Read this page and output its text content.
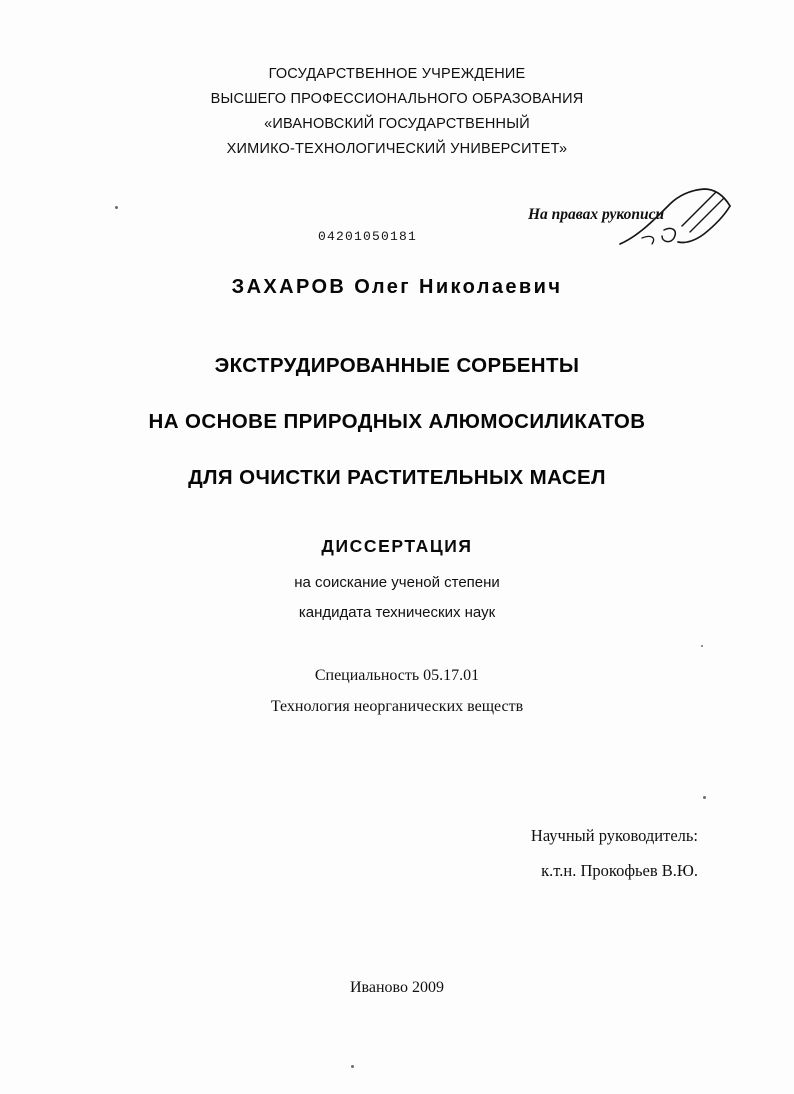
ГОСУДАРСТВЕННОЕ УЧРЕЖДЕНИЕ
ВЫСШЕГО ПРОФЕССИОНАЛЬНОГО ОБРАЗОВАНИЯ
«ИВАНОВСКИЙ ГОСУДАРСТВЕННЫЙ
ХИМИКО-ТЕХНОЛОГИЧЕСКИЙ УНИВЕРСИТЕТ»
04201050181
На правах рукописи
ЗАХАРОВ Олег Николаевич
ЭКСТРУДИРОВАННЫЕ СОРБЕНТЫ
НА ОСНОВЕ ПРИРОДНЫХ АЛЮМОСИЛИКАТОВ
ДЛЯ ОЧИСТКИ РАСТИТЕЛЬНЫХ МАСЕЛ
ДИССЕРТАЦИЯ
на соискание ученой степени
кандидата технических наук
Специальность 05.17.01
Технология неорганических веществ
Научный руководитель:
к.т.н. Прокофьев В.Ю.
Иваново 2009
